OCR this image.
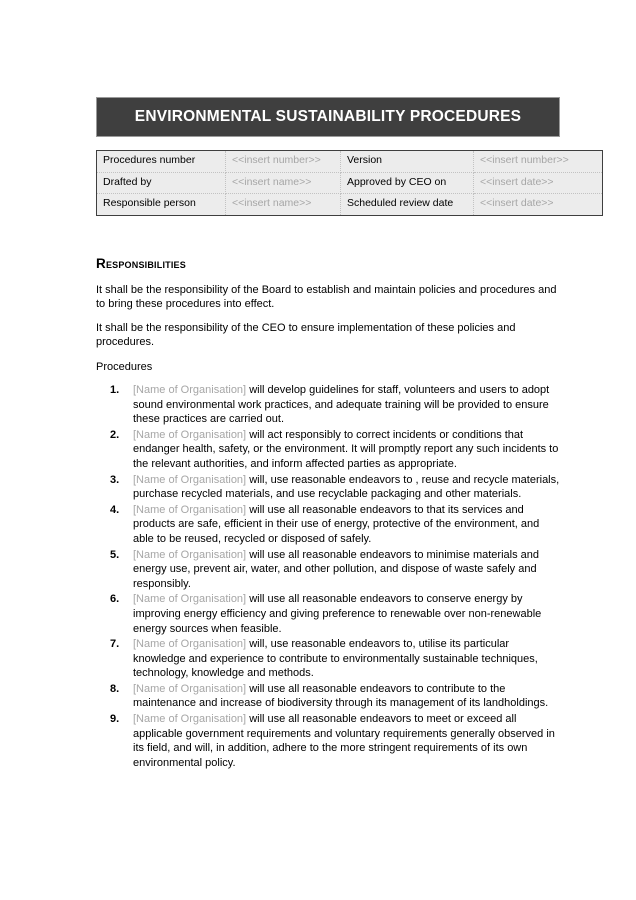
ENVIRONMENTAL SUSTAINABILITY PROCEDURES
Procedures number	<<insert number>>	Version	<<insert number>>
Drafted by	<<insert name>>	Approved by CEO on	<<insert date>>
Responsible person	<<insert name>>	Scheduled review date	<<insert date>>
Responsibilities

It shall be the responsibility of the Board to establish and maintain policies and procedures and to bring these procedures into effect.

It shall be the responsibility of the CEO to ensure implementation of these policies and procedures.

Procedures

1.	[Name of Organisation] will develop guidelines for staff, volunteers and users to adopt sound environmental work practices, and adequate training will be provided to ensure these practices are carried out.
2.	[Name of Organisation] will act responsibly to correct incidents or conditions that endanger health, safety, or the environment. It will promptly report any such incidents to the relevant authorities, and inform affected parties as appropriate.
3.	[Name of Organisation] will, use reasonable endeavors to , reuse and recycle materials, purchase recycled materials, and use recyclable packaging and other materials.
4.	[Name of Organisation] will use all reasonable endeavors to that its services and products are safe, efficient in their use of energy, protective of the environment, and able to be reused, recycled or disposed of safely.
5.	[Name of Organisation] will use all reasonable endeavors to minimise materials and energy use, prevent air, water, and other pollution, and dispose of waste safely and responsibly.
6.	[Name of Organisation] will use all reasonable endeavors to conserve energy by improving energy efficiency and giving preference to renewable over non-renewable energy sources when feasible.
7.	[Name of Organisation] will, use reasonable endeavors to, utilise its particular knowledge and experience to contribute to environmentally sustainable techniques, technology, knowledge and methods.
8.	[Name of Organisation] will use all reasonable endeavors to contribute to the maintenance and increase of biodiversity through its management of its landholdings.
9.	[Name of Organisation] will use all reasonable endeavors to meet or exceed all applicable government requirements and voluntary requirements generally observed in its field, and will, in addition, adhere to the more stringent requirements of its own environmental policy.
